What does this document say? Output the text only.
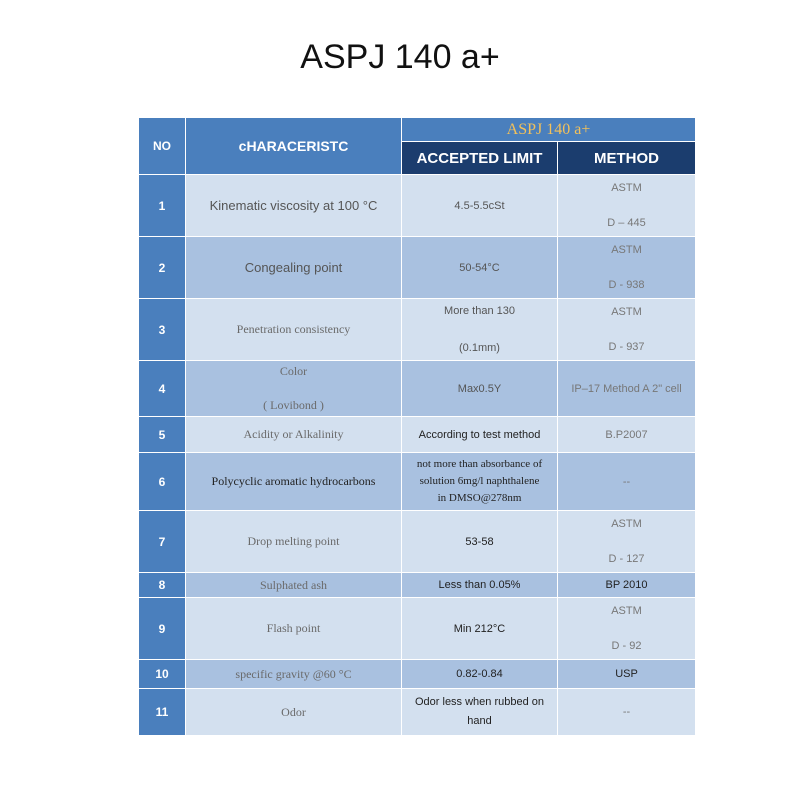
ASPJ 140 a+
NO	cHARACERISTC	ASPJ 140 a+	
		ACCEPTED LIMIT	METHOD
1	Kinematic viscosity at 100 °C	4.5-5.5cSt	ASTM
D – 445

2	Congealing point	50-54°C	ASTM
D - 938

3	Penetration consistency	More than 130
(0.1mm)	ASTM
D - 937

4	Color
( Lovibond )	Max0.5Y	IP–17 Method A 2" cell
5	Acidity or Alkalinity	According to test method	B.P2007
6	Polycyclic aromatic hydrocarbons	not more than absorbance of
solution 6mg/l naphthalene
in DMSO@278nm	--
7	Drop melting point	53-58	ASTM
D - 127

8	Sulphated ash	Less than 0.05%	BP 2010
9	Flash point	Min 212°C	ASTM
D - 92

10	specific gravity @60 °C	0.82-0.84	USP
11	Odor	Odor less when rubbed on
hand	--
